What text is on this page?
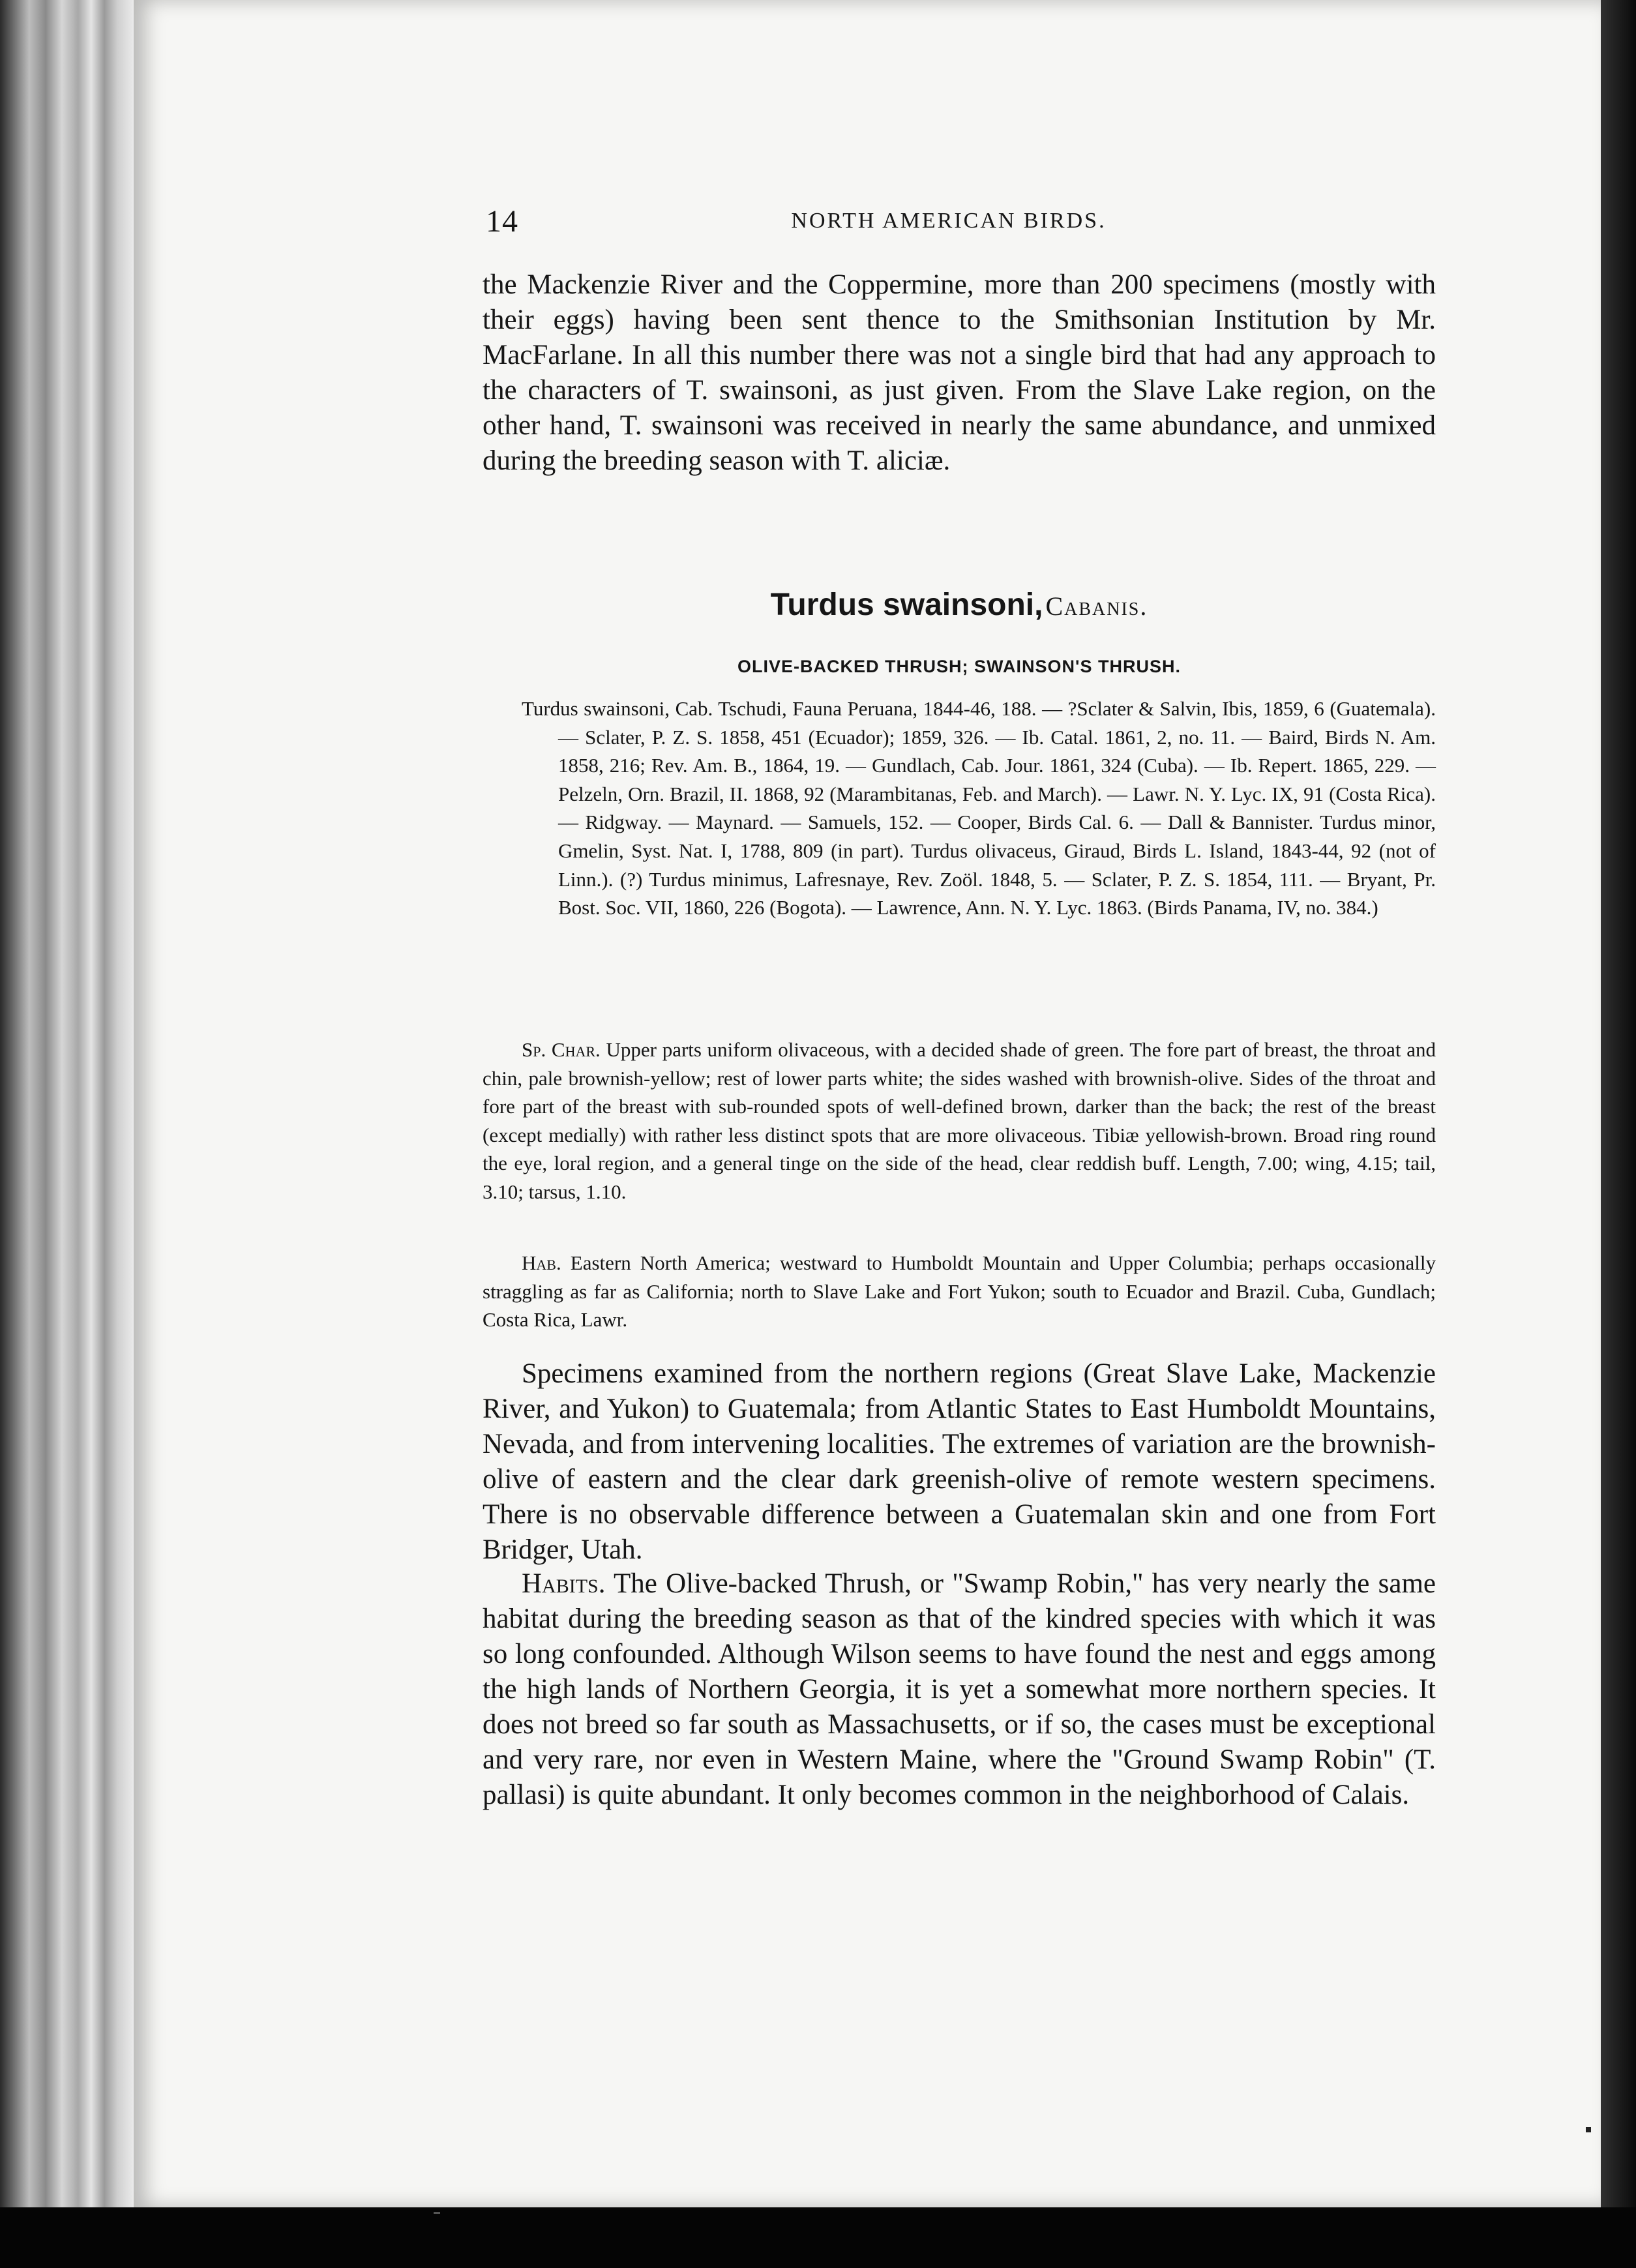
14	NORTH AMERICAN BIRDS.

the Mackenzie River and the Coppermine, more than 200 specimens (mostly with their eggs) having been sent thence to the Smithsonian Institution by Mr. MacFarlane. In all this number there was not a single bird that had any approach to the characters of T. swainsoni, as just given. From the Slave Lake region, on the other hand, T. swainsoni was received in nearly the same abundance, and unmixed during the breeding season with T. aliciæ.

Turdus swainsoni, Cabanis.
OLIVE-BACKED THRUSH; SWAINSON'S THRUSH.

Turdus swainsoni, Cab. Tschudi, Fauna Peruana, 1844-46, 188. — ?Sclater & Salvin, Ibis, 1859, 6 (Guatemala). — Sclater, P. Z. S. 1858, 451 (Ecuador); 1859, 326. — Ib. Catal. 1861, 2, no. 11. — Baird, Birds N. Am. 1858, 216; Rev. Am. B., 1864, 19. — Gundlach, Cab. Jour. 1861, 324 (Cuba). — Ib. Repert. 1865, 229. — Pelzeln, Orn. Brazil, II. 1868, 92 (Marambitanas, Feb. and March). — Lawr. N. Y. Lyc. IX, 91 (Costa Rica). — Ridgway. — Maynard. — Samuels, 152. — Cooper, Birds Cal. 6. — Dall & Bannister. Turdus minor, Gmelin, Syst. Nat. I, 1788, 809 (in part). Turdus olivaceus, Giraud, Birds L. Island, 1843-44, 92 (not of Linn.). (?) Turdus minimus, Lafresnaye, Rev. Zoöl. 1848, 5. — Sclater, P. Z. S. 1854, 111. — Bryant, Pr. Bost. Soc. VII, 1860, 226 (Bogota). — Lawrence, Ann. N. Y. Lyc. 1863. (Birds Panama, IV, no. 384.)

Sp. Char. Upper parts uniform olivaceous, with a decided shade of green. The fore part of breast, the throat and chin, pale brownish-yellow; rest of lower parts white; the sides washed with brownish-olive. Sides of the throat and fore part of the breast with sub-rounded spots of well-defined brown, darker than the back; the rest of the breast (except medially) with rather less distinct spots that are more olivaceous. Tibiæ yellowish-brown. Broad ring round the eye, loral region, and a general tinge on the side of the head, clear reddish buff. Length, 7.00; wing, 4.15; tail, 3.10; tarsus, 1.10.

Hab. Eastern North America; westward to Humboldt Mountain and Upper Columbia; perhaps occasionally straggling as far as California; north to Slave Lake and Fort Yukon; south to Ecuador and Brazil. Cuba, Gundlach; Costa Rica, Lawr.

Specimens examined from the northern regions (Great Slave Lake, Mackenzie River, and Yukon) to Guatemala; from Atlantic States to East Humboldt Mountains, Nevada, and from intervening localities. The extremes of variation are the brownish-olive of eastern and the clear dark greenish-olive of remote western specimens. There is no observable difference between a Guatemalan skin and one from Fort Bridger, Utah.

Habits. The Olive-backed Thrush, or "Swamp Robin," has very nearly the same habitat during the breeding season as that of the kindred species with which it was so long confounded. Although Wilson seems to have found the nest and eggs among the high lands of Northern Georgia, it is yet a somewhat more northern species. It does not breed so far south as Massachusetts, or if so, the cases must be exceptional and very rare, nor even in Western Maine, where the "Ground Swamp Robin" (T. pallasi) is quite abundant. It only becomes common in the neighborhood of Calais.
